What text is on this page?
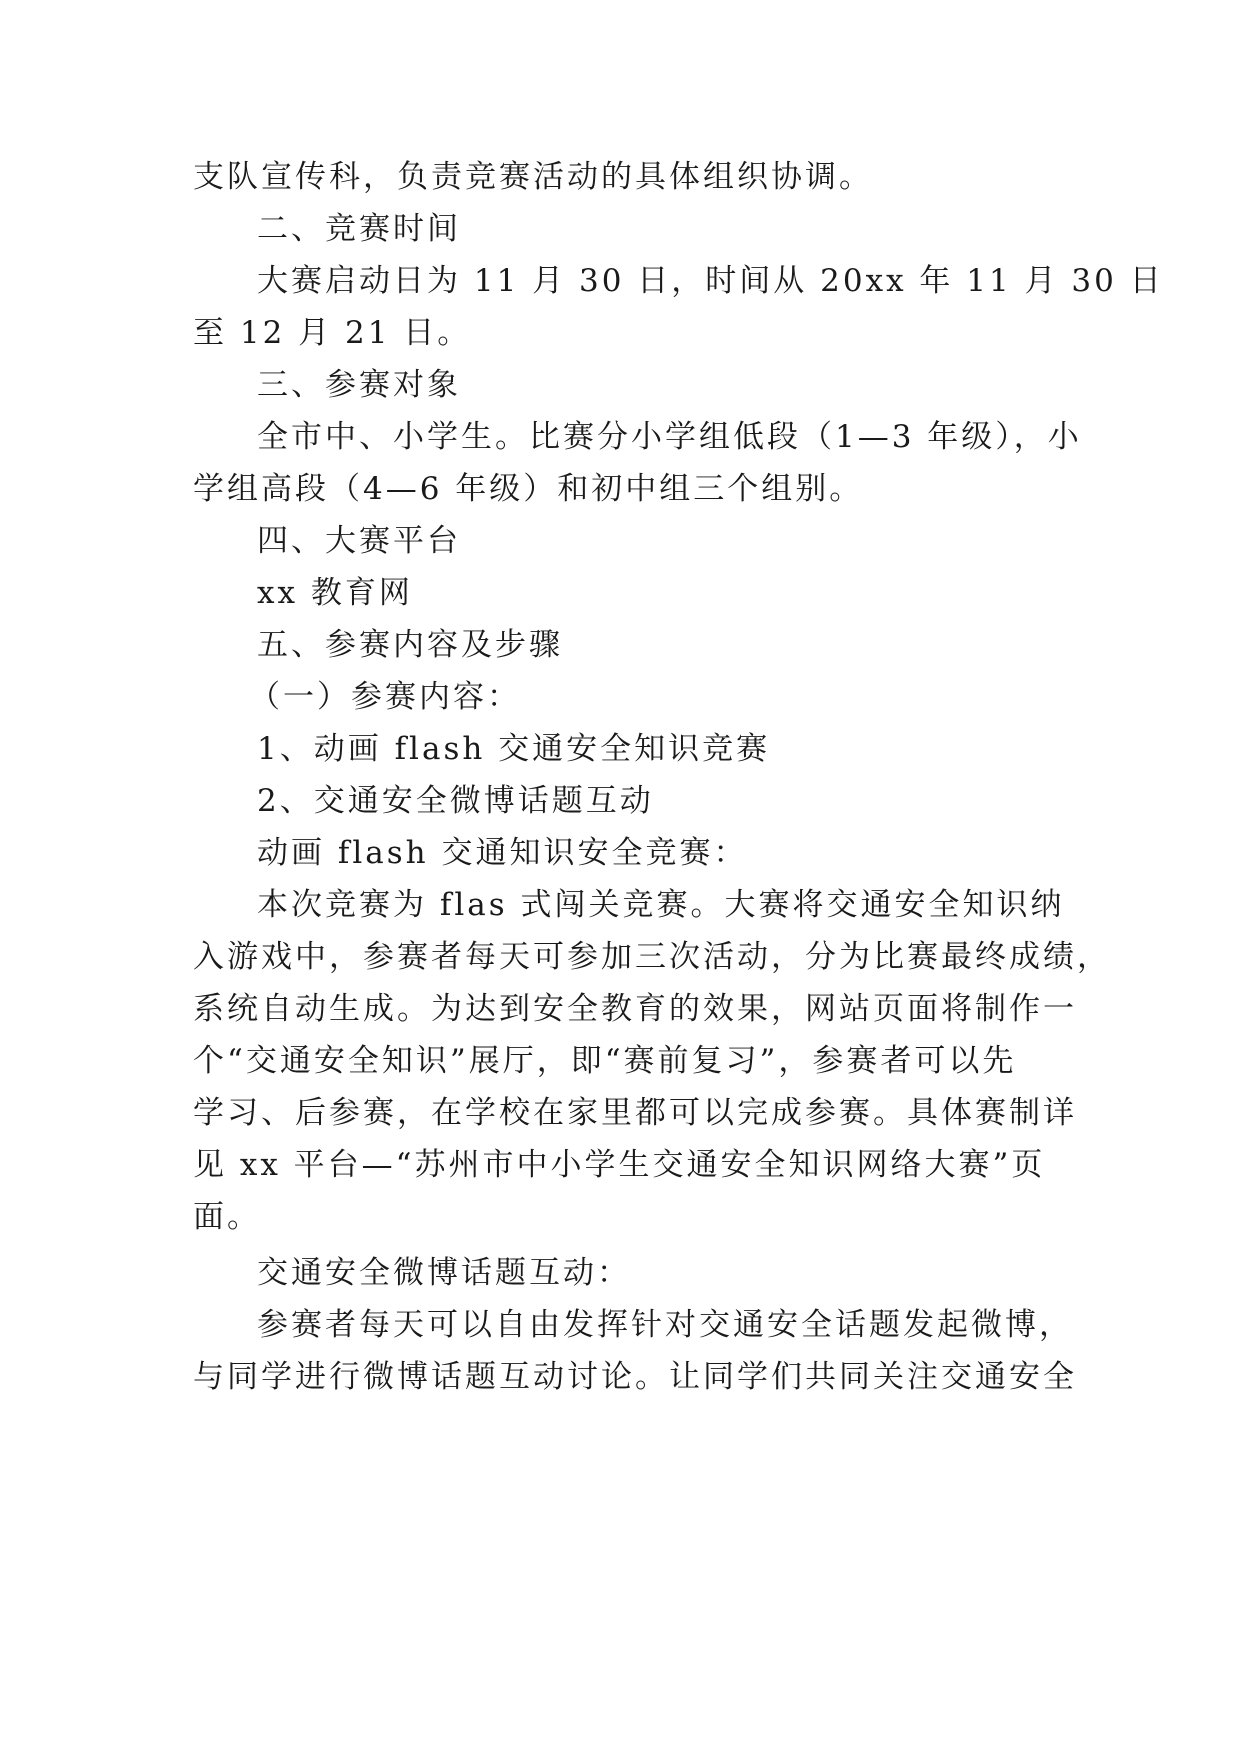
支队宣传科，负责竞赛活动的具体组织协调。
二、竞赛时间
大赛启动日为 11 月 30 日，时间从 20xx 年 11 月 30 日
至 12 月 21 日。
三、参赛对象
全市中、小学生。比赛分小学组低段（1—3 年级），小
学组高段（4—6 年级）和初中组三个组别。
四、大赛平台
xx 教育网
五、参赛内容及步骤
（一）参赛内容：
1、动画 flash 交通安全知识竞赛
2、交通安全微博话题互动
动画 flash 交通知识安全竞赛：
本次竞赛为 flas 式闯关竞赛。大赛将交通安全知识纳
入游戏中，参赛者每天可参加三次活动，分为比赛最终成绩，
系统自动生成。为达到安全教育的效果，网站页面将制作一
个“交通安全知识”展厅，即“赛前复习”，参赛者可以先
学习、后参赛，在学校在家里都可以完成参赛。具体赛制详
见 xx 平台—“苏州市中小学生交通安全知识网络大赛”页
面。
交通安全微博话题互动：
参赛者每天可以自由发挥针对交通安全话题发起微博，
与同学进行微博话题互动讨论。让同学们共同关注交通安全
